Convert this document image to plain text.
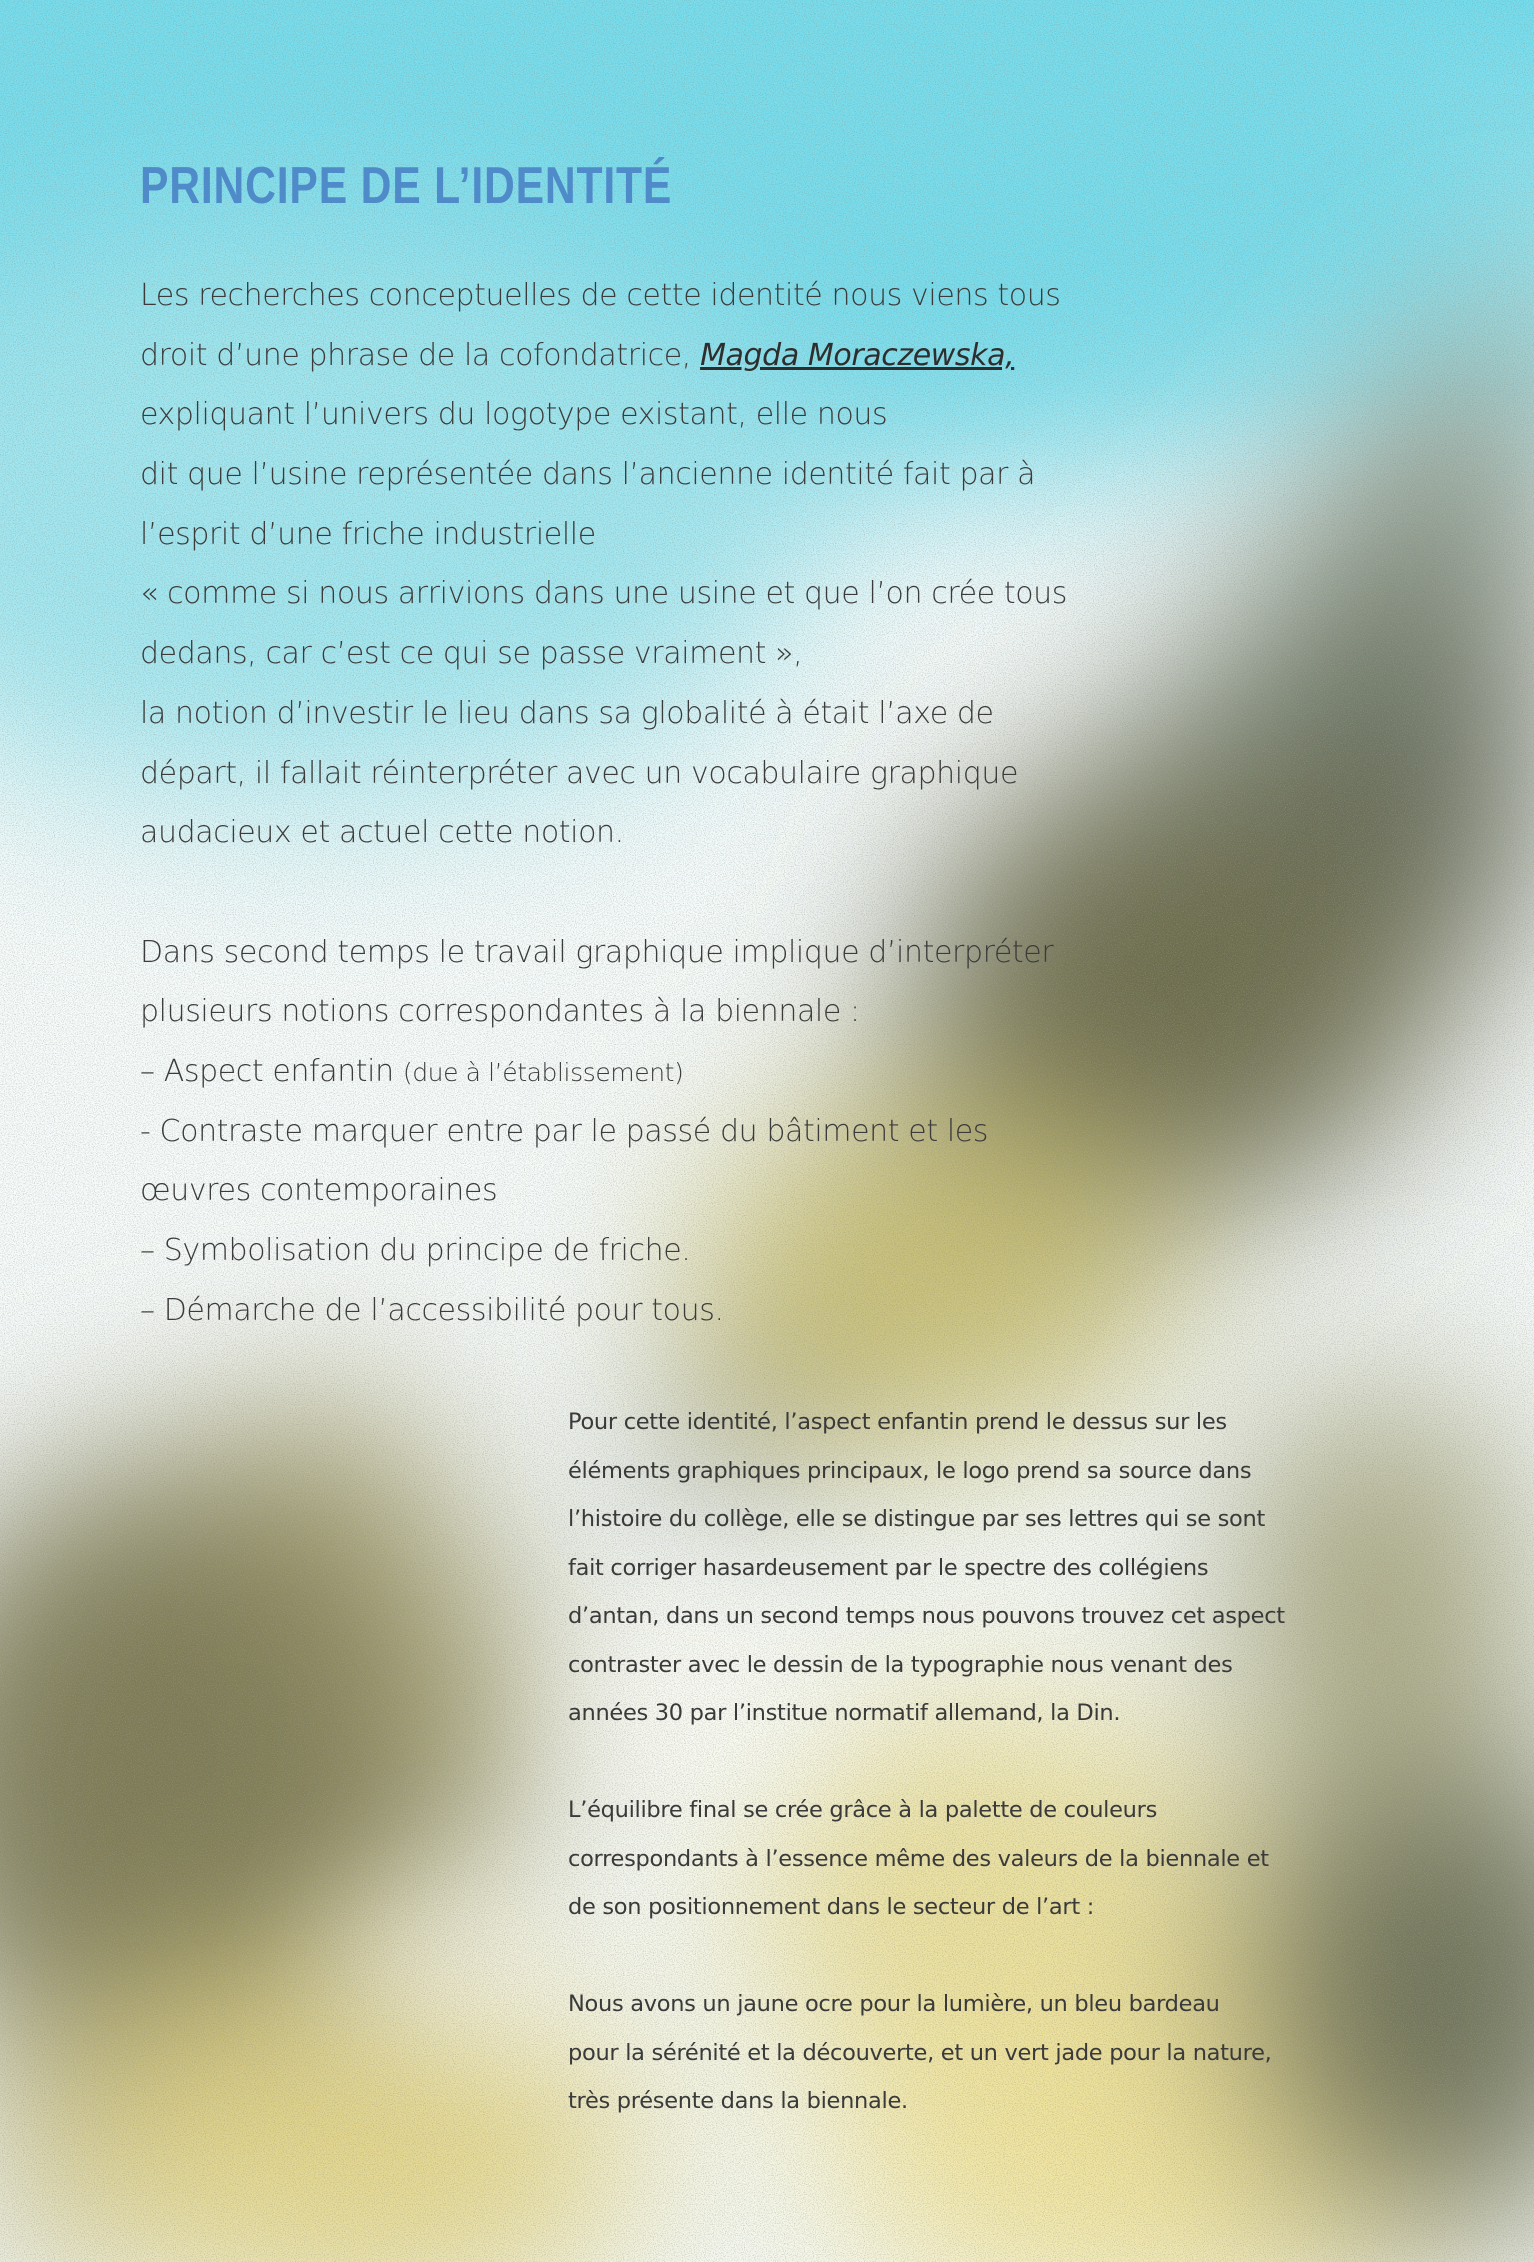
PRINCIPE DE L’IDENTITÉ
Les recherches conceptuelles de cette identité nous viens tous
droit d’une phrase de la cofondatrice, Magda Moraczewska,
expliquant l’univers du logotype existant, elle nous
dit que l’usine représentée dans l’ancienne identité fait par à
l’esprit d’une friche industrielle
« comme si nous arrivions dans une usine et que l’on crée tous
dedans, car c’est ce qui se passe vraiment »,
la notion d’investir le lieu dans sa globalité à était l’axe de
départ, il fallait réinterpréter avec un vocabulaire graphique
audacieux et actuel cette notion.
Dans second temps le travail graphique implique d’interpréter
plusieurs notions correspondantes à la biennale :
– Aspect enfantin (due à l’établissement)
- Contraste marquer entre par le passé du bâtiment et les
œuvres contemporaines
– Symbolisation du principe de friche.
– Démarche de l’accessibilité pour tous.
Pour cette identité, l’aspect enfantin prend le dessus sur les
éléments graphiques principaux, le logo prend sa source dans
l’histoire du collège, elle se distingue par ses lettres qui se sont
fait corriger hasardeusement par le spectre des collégiens
d’antan, dans un second temps nous pouvons trouvez cet aspect
contraster avec le dessin de la typographie nous venant des
années 30 par l’institue normatif allemand, la Din.
L’équilibre final se crée grâce à la palette de couleurs
correspondants à l’essence même des valeurs de la biennale et
de son positionnement dans le secteur de l’art :
Nous avons un jaune ocre pour la lumière, un bleu bardeau
pour la sérénité et la découverte, et un vert jade pour la nature,
très présente dans la biennale.
